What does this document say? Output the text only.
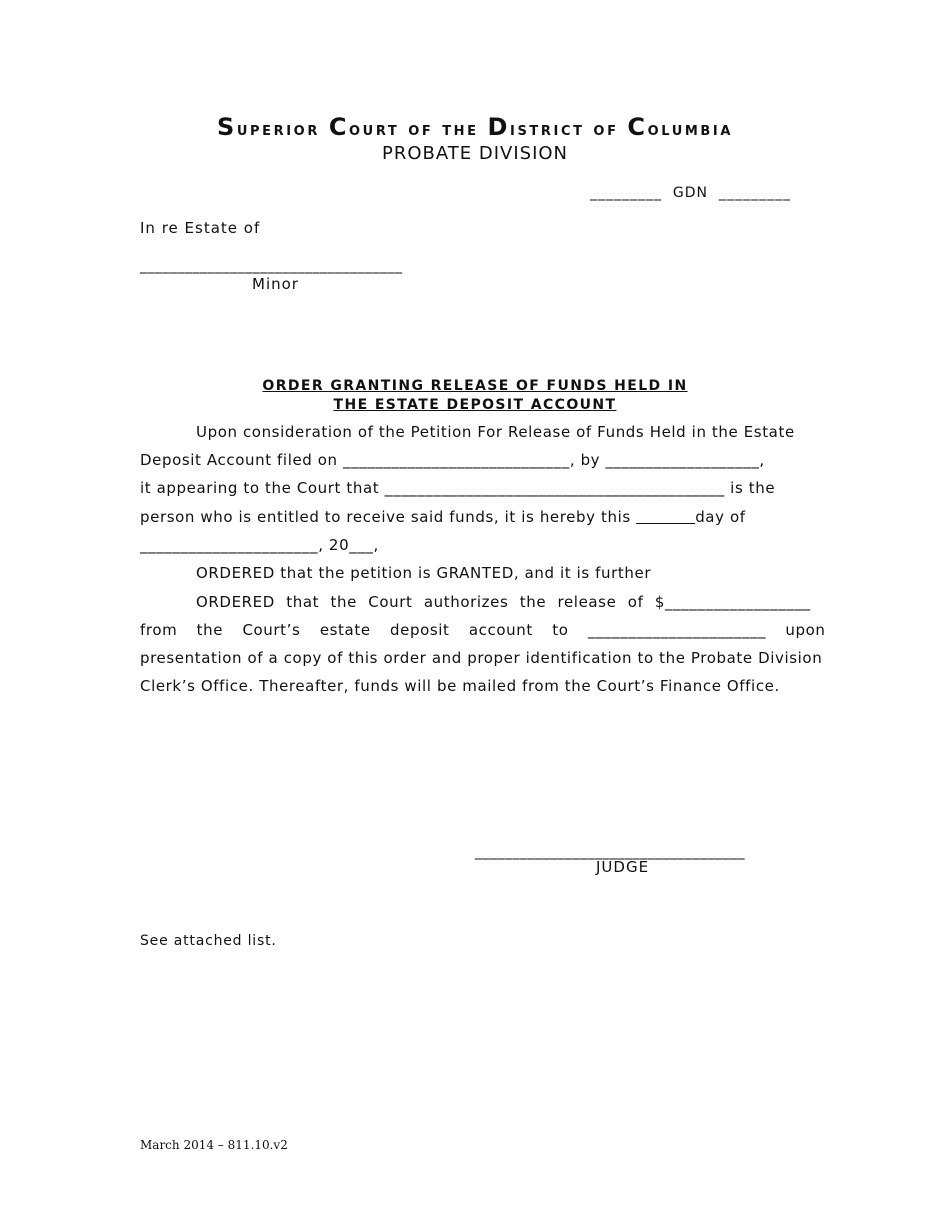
Superior Court of the District of Columbia
PROBATE DIVISION
_________  GDN  _________
In re Estate of
___________________________________
Minor
ORDER GRANTING RELEASE OF FUNDS HELD IN
THE ESTATE DEPOSIT ACCOUNT
Upon consideration of the Petition For Release of Funds Held in the Estate
Deposit Account filed on ____________________________, by ___________________,
it appearing to the Court that __________________________________________ is the
person who is entitled to receive said funds, it is hereby this	day of
______________________, 20___,
ORDERED that the petition is GRANTED, and it is further
ORDERED that the Court authorizes the release of $__________________
from the Court’s estate deposit account to ______________________ upon
presentation of a copy of this order and proper identification to the Probate Division
Clerk’s Office. Thereafter, funds will be mailed from the Court’s Finance Office.
____________________________________
JUDGE
See attached list.
March 2014 – 811.10.v2
